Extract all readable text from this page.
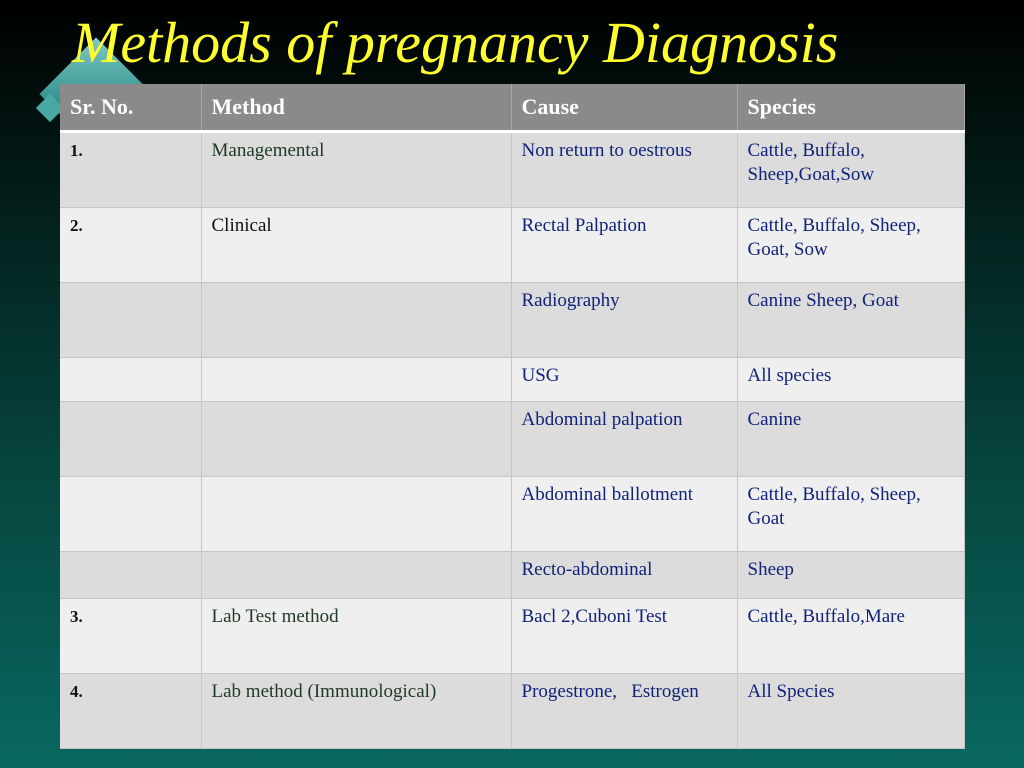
Methods of pregnancy Diagnosis
Sr. No.	Method	Cause	Species
1.	Managemental	Non return to oestrous	Cattle, Buffalo, Sheep,Goat,Sow
2.	Clinical	Rectal Palpation	Cattle, Buffalo, Sheep, Goat, Sow
		Radiography	Canine Sheep, Goat
		USG	All species
		Abdominal palpation	Canine
		Abdominal ballotment	Cattle, Buffalo, Sheep, Goat
		Recto-abdominal	Sheep
3.	Lab Test method	Bacl 2,Cuboni Test	Cattle, Buffalo,Mare
4.	Lab method (Immunological)	Progestrone,   Estrogen	All Species
